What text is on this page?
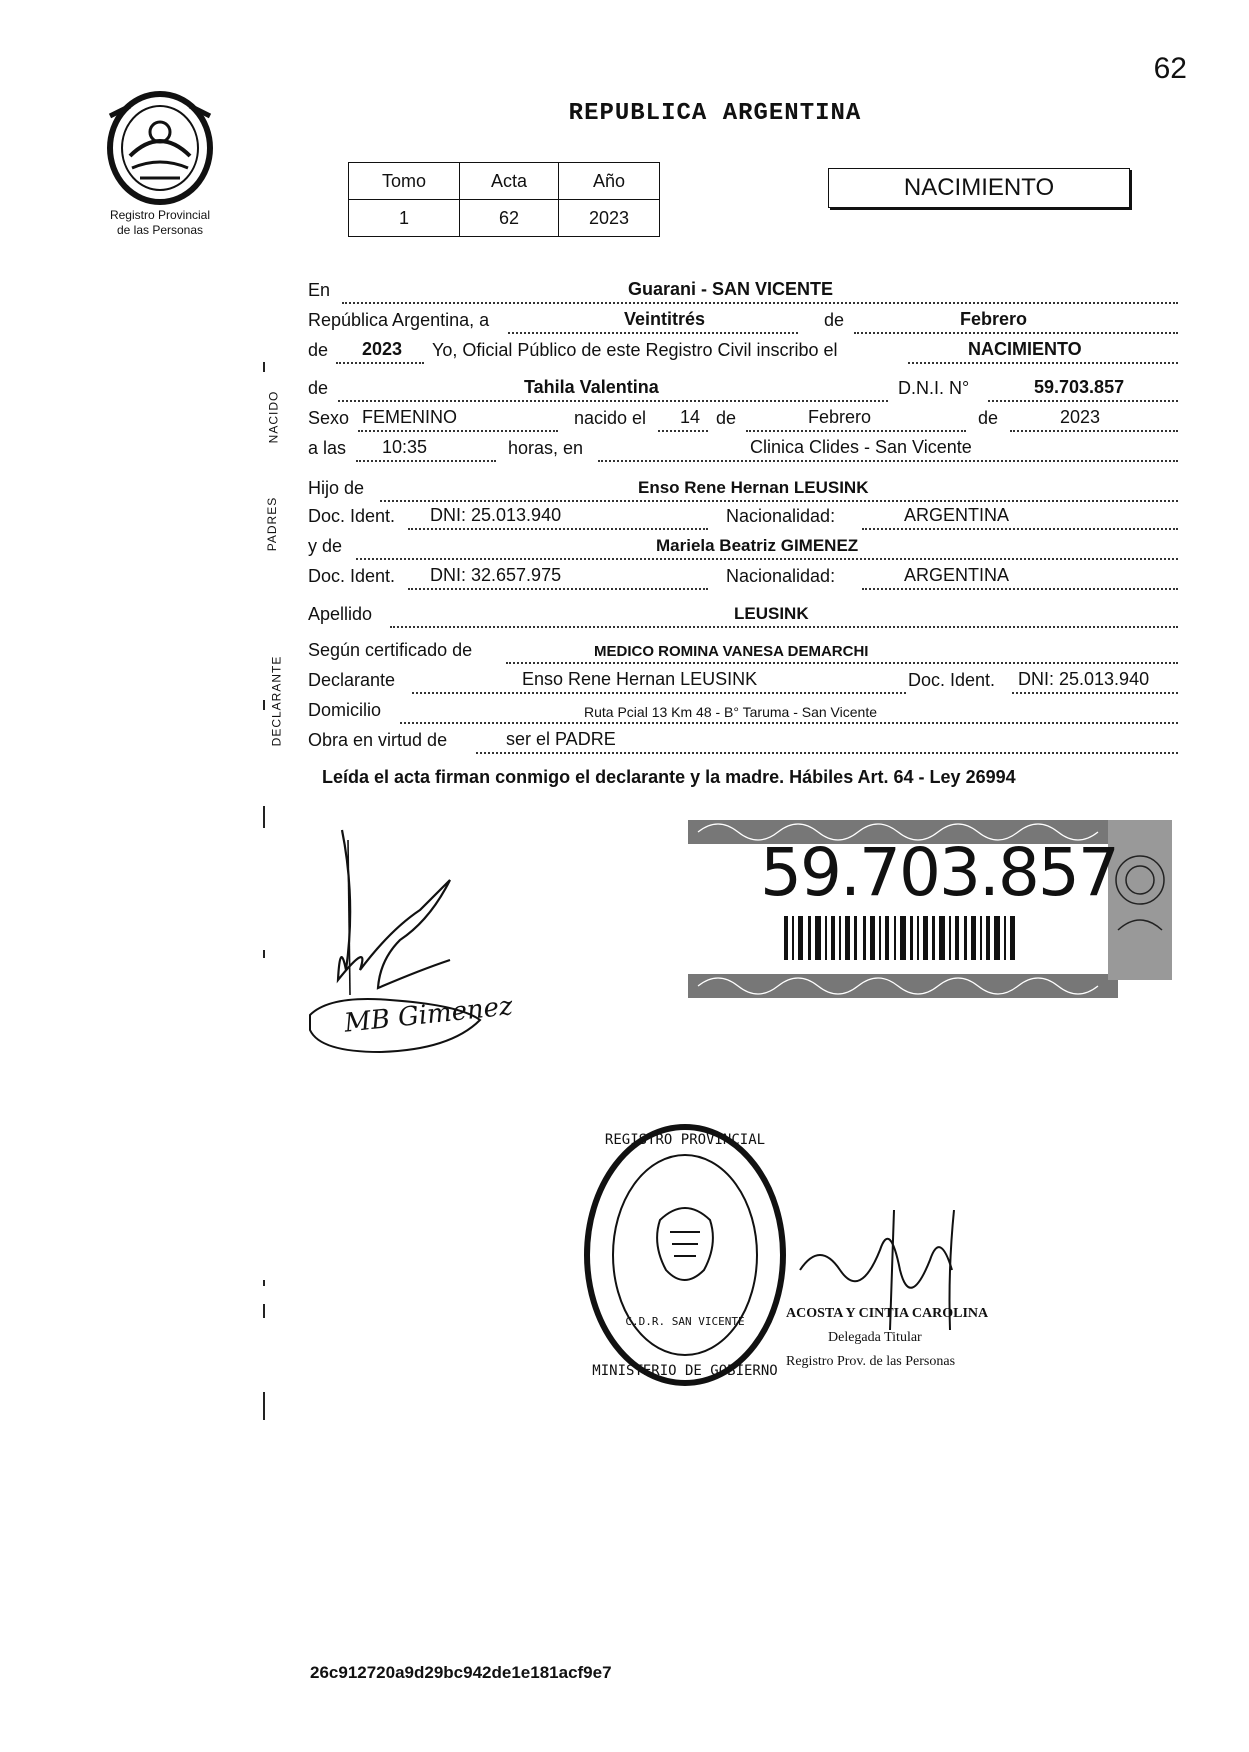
62
Registro Provincial
de las Personas
REPUBLICA ARGENTINA
Tomo	Acta	Año
1	62	2023
NACIMIENTO
NACIDO
PADRES
DECLARANTE
En	Guarani - SAN VICENTE
República Argentina, a	Veintitrés	de	Febrero
de 2023 Yo, Oficial Público de este Registro Civil inscribo el	NACIMIENTO
de	Tahila Valentina	D.N.I. N°	59.703.857
Sexo FEMENINO	nacido el 14 de	Febrero	de	2023
a las 10:35	horas, en	Clinica Clides - San Vicente
Hijo de	Enso Rene Hernan LEUSINK
Doc. Ident. DNI: 25.013.940	Nacionalidad:	ARGENTINA
y de	Mariela Beatriz GIMENEZ
Doc. Ident. DNI: 32.657.975	Nacionalidad:	ARGENTINA
Apellido	LEUSINK
Según certificado de	MEDICO ROMINA VANESA DEMARCHI
Declarante	Enso Rene Hernan LEUSINK	Doc. Ident. DNI: 25.013.940
Domicilio	Ruta Pcial 13 Km 48 - B° Taruma - San Vicente
Obra en virtud de	ser el PADRE
Leída el acta firman conmigo el declarante y la madre. Hábiles Art. 64 - Ley 26994
MB Gimenez
59.703.857
REGISTRO PROVINCIAL
MINISTERIO DE GOBIERNO
C.D.R. SAN VICENTE
ACOSTA Y CINTIA CAROLINA
Delegada Titular
Registro Prov. de las Personas
26c912720a9d29bc942de1e181acf9e7
